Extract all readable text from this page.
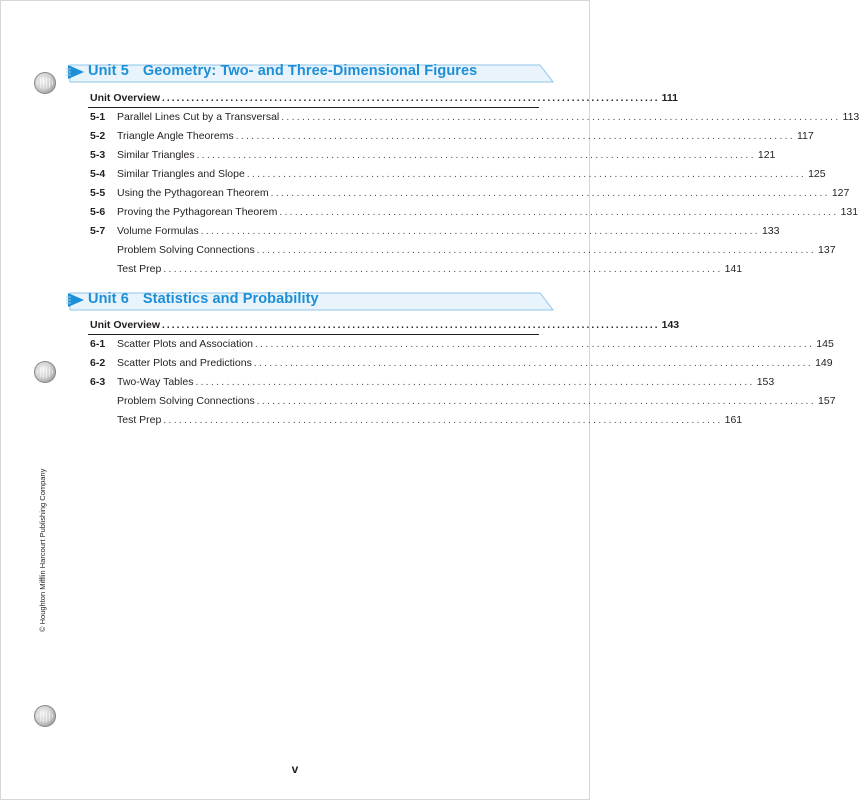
Unit 5 Geometry: Two- and Three-Dimensional Figures
Unit Overview ...................................................................................................... 111
5-1	Parallel Lines Cut by a Transversal ............................................................................................................ 113
5-2	Triangle Angle Theorems ............................................................................................................ 117
5-3	Similar Triangles ............................................................................................................ 121
5-4	Similar Triangles and Slope ............................................................................................................ 125
5-5	Using the Pythagorean Theorem ............................................................................................................ 127
5-6	Proving the Pythagorean Theorem ............................................................................................................ 131
5-7	Volume Formulas ............................................................................................................ 133
Problem Solving Connections ............................................................................................................ 137
Test Prep ............................................................................................................ 141
Unit 6 Statistics and Probability
Unit Overview ...................................................................................................... 143
6-1	Scatter Plots and Association ............................................................................................................ 145
6-2	Scatter Plots and Predictions ............................................................................................................ 149
6-3	Two-Way Tables ............................................................................................................ 153
Problem Solving Connections ............................................................................................................ 157
Test Prep ............................................................................................................ 161
© Houghton Mifflin Harcourt Publishing Company
v
